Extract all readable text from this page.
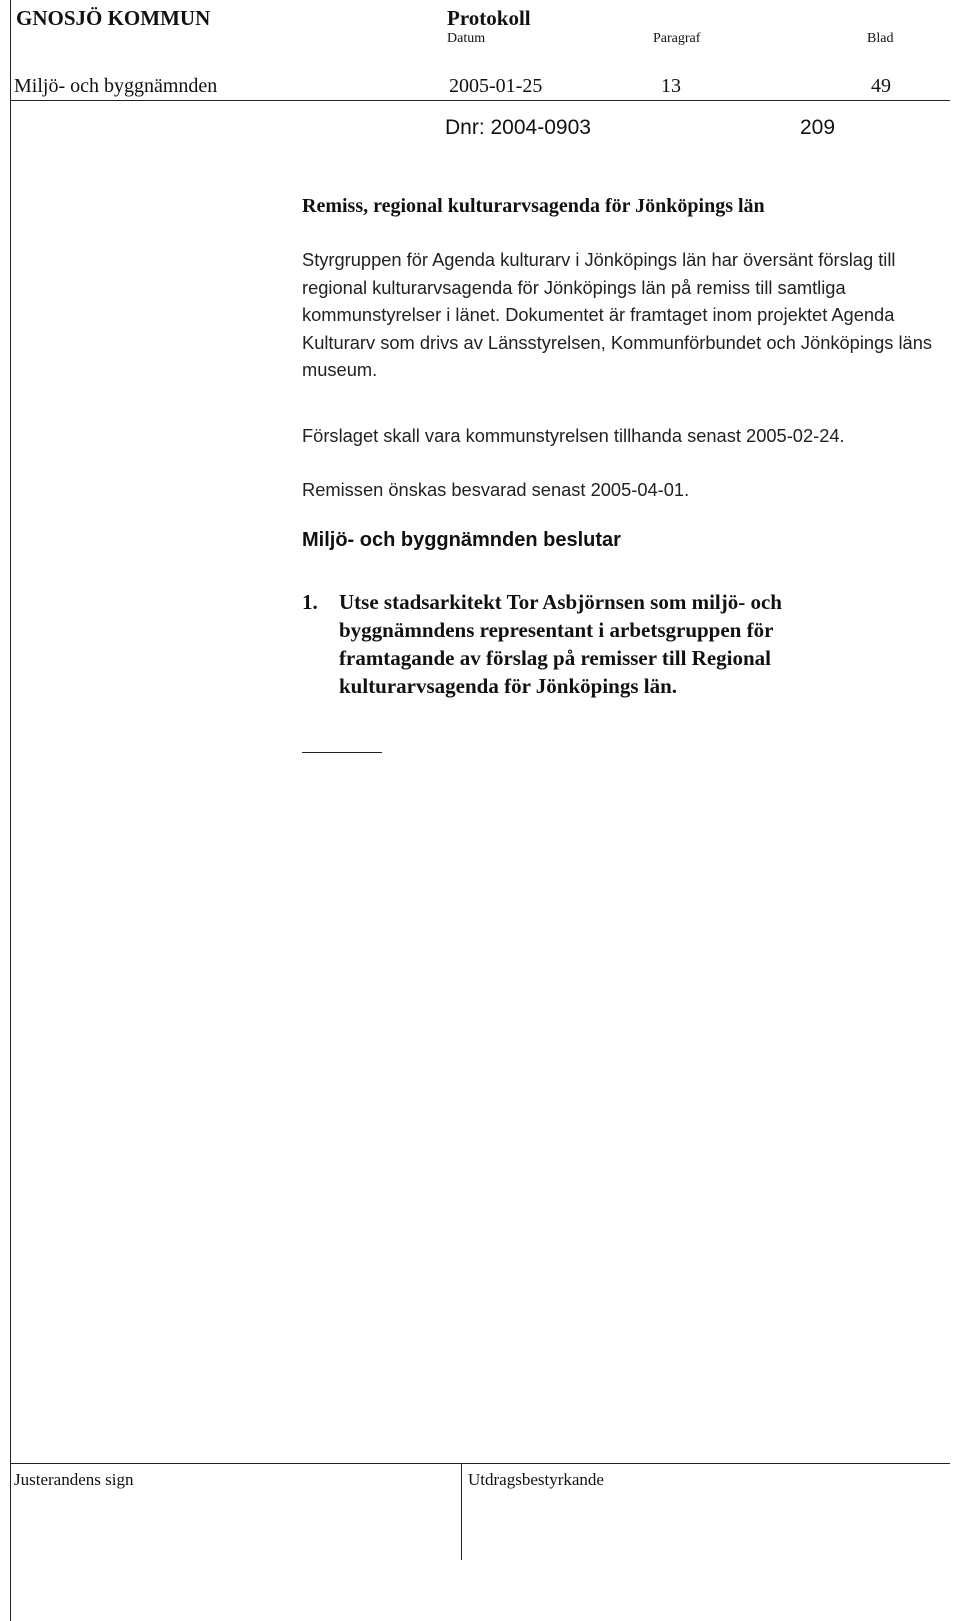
GNOSJÖ KOMMUN	Protokoll
Datum	Paragraf	Blad
Miljö- och byggnämnden	2005-01-25	13	49
Dnr: 2004-0903	209
Remiss, regional kulturarvsagenda för Jönköpings län

Styrgruppen för Agenda kulturarv i Jönköpings län har översänt förslag till regional kulturarvsagenda för Jönköpings län på remiss till samtliga kommunstyrelser i länet. Dokumentet är framtaget inom projektet Agenda Kulturarv som drivs av Länsstyrelsen, Kommunförbundet och Jönköpings läns museum.

Förslaget skall vara kommunstyrelsen tillhanda senast 2005-02-24.

Remissen önskas besvarad senast 2005-04-01.

Miljö- och byggnämnden beslutar
1. Utse stadsarkitekt Tor Asbjörnsen som miljö- och byggnämndens representant i arbetsgruppen för framtagande av förslag på remisser till Regional kulturarvsagenda för Jönköpings län.
Justerandens sign	Utdragsbestyrkande
